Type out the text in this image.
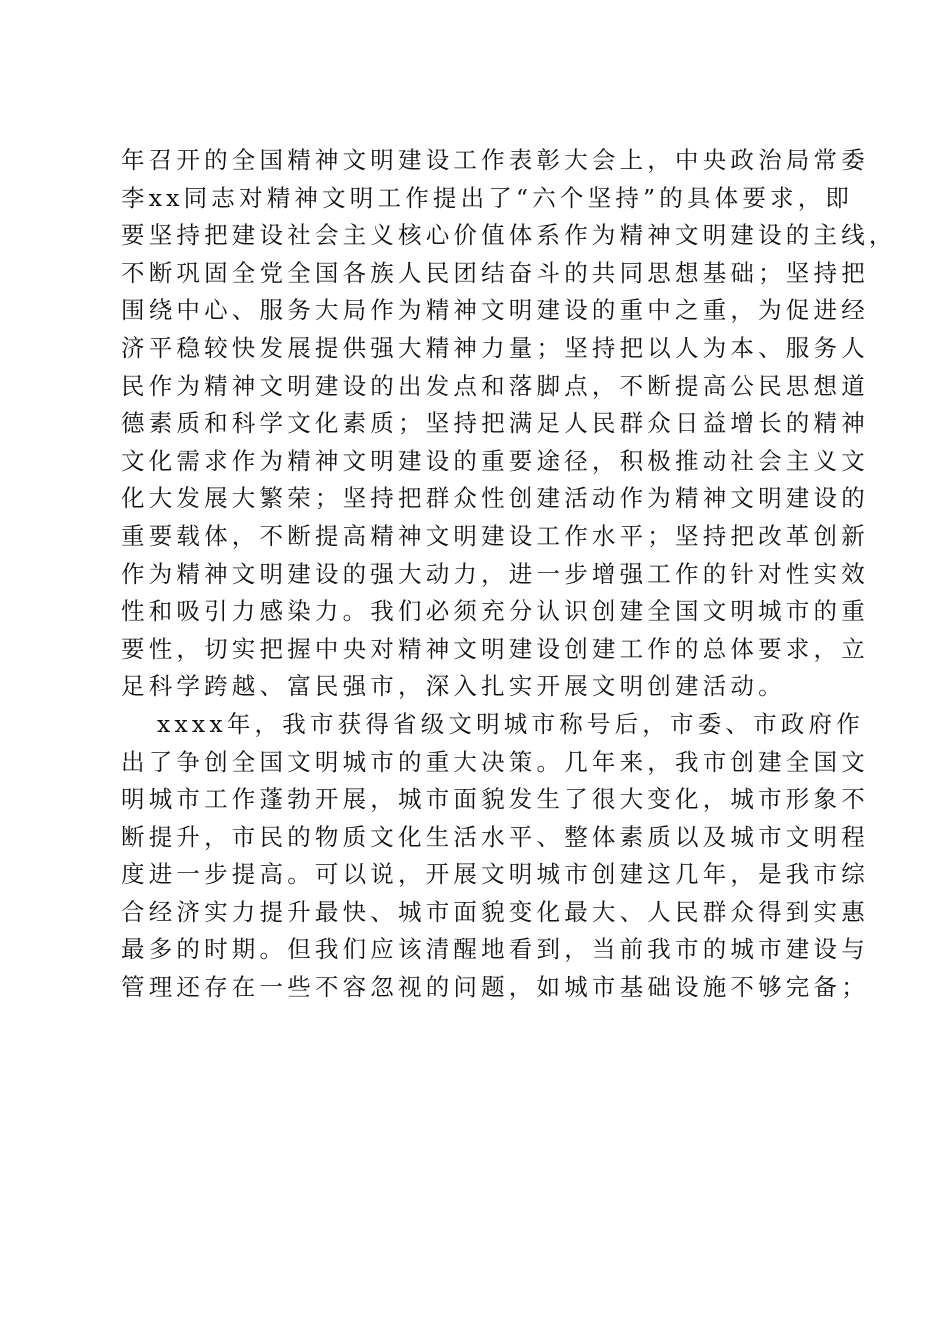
年召开的全国精神文明建设工作表彰大会上，中央政治局常委
李xx同志对精神文明工作提出了“六个坚持”的具体要求，即
要坚持把建设社会主义核心价值体系作为精神文明建设的主线，
不断巩固全党全国各族人民团结奋斗的共同思想基础；坚持把
围绕中心、服务大局作为精神文明建设的重中之重，为促进经
济平稳较快发展提供强大精神力量；坚持把以人为本、服务人
民作为精神文明建设的出发点和落脚点，不断提高公民思想道
德素质和科学文化素质；坚持把满足人民群众日益增长的精神
文化需求作为精神文明建设的重要途径，积极推动社会主义文
化大发展大繁荣；坚持把群众性创建活动作为精神文明建设的
重要载体，不断提高精神文明建设工作水平；坚持把改革创新
作为精神文明建设的强大动力，进一步增强工作的针对性实效
性和吸引力感染力。我们必须充分认识创建全国文明城市的重
要性，切实把握中央对精神文明建设创建工作的总体要求，立
足科学跨越、富民强市，深入扎实开展文明创建活动。
xxxx年，我市获得省级文明城市称号后，市委、市政府作
出了争创全国文明城市的重大决策。几年来，我市创建全国文
明城市工作蓬勃开展，城市面貌发生了很大变化，城市形象不
断提升，市民的物质文化生活水平、整体素质以及城市文明程
度进一步提高。可以说，开展文明城市创建这几年，是我市综
合经济实力提升最快、城市面貌变化最大、人民群众得到实惠
最多的时期。但我们应该清醒地看到，当前我市的城市建设与
管理还存在一些不容忽视的问题，如城市基础设施不够完备；
